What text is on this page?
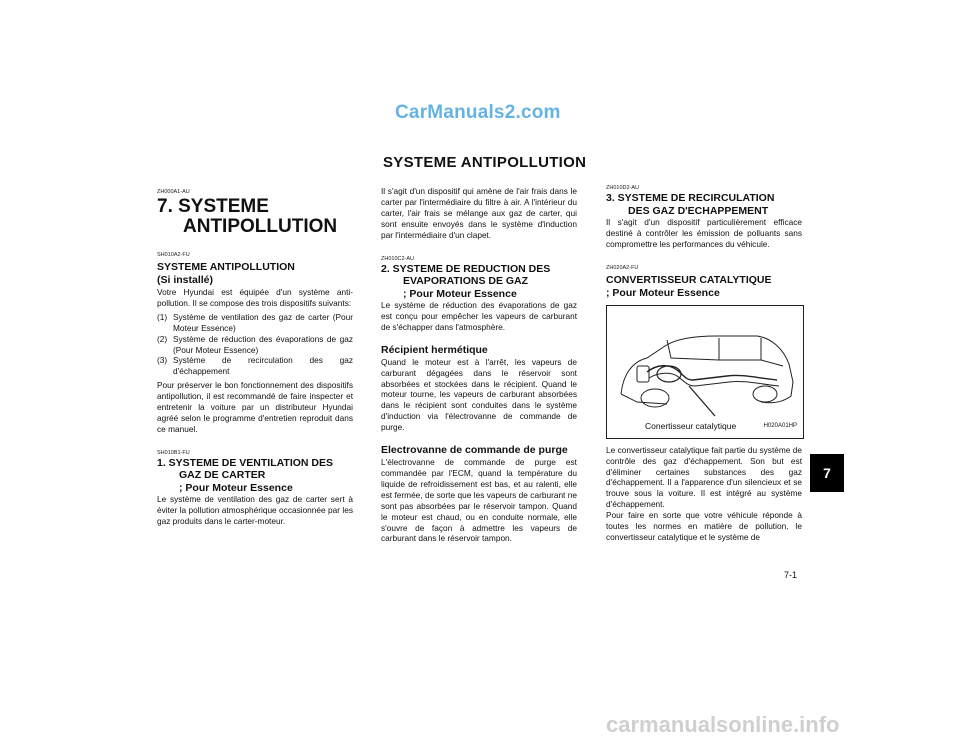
CarManuals2.com
SYSTEME ANTIPOLLUTION
ZH000A1-AU
7. SYSTEME
ANTIPOLLUTION
SH010A2-FU
SYSTEME ANTIPOLLUTION
(Si installé)

Votre Hyundai est équipée d'un système anti-pollution. Il se compose des trois dispositifs suivants:

(1) Système de ventilation des gaz de carter (Pour Moteur Essence)
(2) Système de réduction des évaporations de gaz (Pour Moteur Essence)
(3) Système de recirculation des gaz d'échappement

Pour préserver le bon fonctionnement des dispositifs antipollution, il est recommandé de faire inspecter et entretenir la voiture par un distributeur Hyundai agréé selon le programme d'entretien reproduit dans ce manuel.

SH010B1-FU
1. SYSTEME DE VENTILATION DES
GAZ DE CARTER
; Pour Moteur Essence

Le système de ventilation des gaz de carter sert à éviter la pollution atmosphérique occasionnée par les gaz produits dans le carter-moteur.

Il s'agit d'un dispositif qui amène de l'air frais dans le carter par l'intermédiaire du filtre à air. A l'intérieur du carter, l'air frais se mélange aux gaz de carter, qui sont ensuite envoyés dans le système d'induction par l'intermédiaire d'un clapet.

ZH010C2-AU
2. SYSTEME DE REDUCTION DES
EVAPORATIONS DE GAZ
; Pour Moteur Essence

Le système de réduction des évaporations de gaz est conçu pour empêcher les vapeurs de carburant de s'échapper dans l'atmosphère.

Récipient hermétique

Quand le moteur est à l'arrêt, les vapeurs de carburant dégagées dans le réservoir sont absorbées et stockées dans le récipient. Quand le moteur tourne, les vapeurs de carburant absorbées dans le récipient sont conduites dans le système d'induction via l'électrovanne de commande de purge.

Electrovanne de commande de purge

L'électrovanne de commande de purge est commandée par l'ECM, quand la température du liquide de refroidissement est bas, et au ralenti, elle est fermée, de sorte que les vapeurs de carburant ne sont pas absorbées par le réservoir tampon. Quand le moteur est chaud, ou en conduite normale, elle s'ouvre de façon à admettre les vapeurs de carburant dans le réservoir tampon.

ZH010D2-AU
3. SYSTEME DE RECIRCULATION
DES GAZ D'ECHAPPEMENT

Il s'agit d'un dispositif particulièrement efficace destiné à contrôler les émission de polluants sans compromettre les performances du véhicule.

ZH020A2-FU
CONVERTISSEUR CATALYTIQUE
; Pour Moteur Essence
Conertisseur catalytique	H020A01HP

Le convertisseur catalytique fait partie du système de contrôle des gaz d'échappement. Son but est d'éliminer certaines substances des gaz d'échappement. Il a l'apparence d'un silencieux et se trouve sous la voiture. Il est intégré au système d'échappement.

Pour faire en sorte que votre véhicule réponde à toutes les normes en matière de pollution, le convertisseur catalytique et le système de

7
7-1
carmanualsonline.info
